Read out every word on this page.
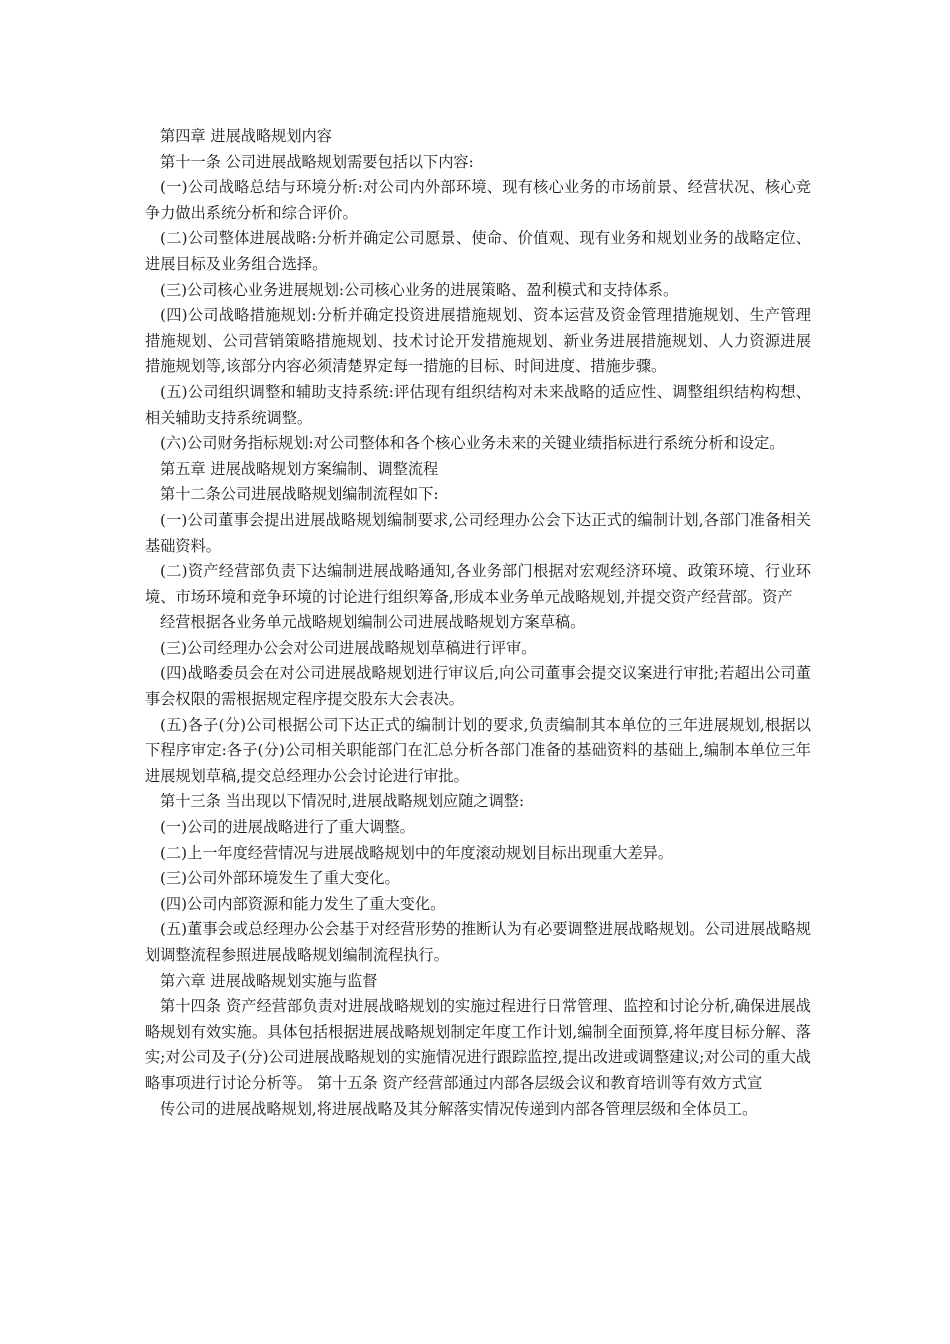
第四章 进展战略规划内容

第十一条 公司进展战略规划需要包括以下内容:

(一)公司战略总结与环境分析:对公司内外部环境、现有核心业务的市场前景、经营状况、核心竞争力做出系统分析和综合评价。

(二)公司整体进展战略:分析并确定公司愿景、使命、价值观、现有业务和规划业务的战略定位、进展目标及业务组合选择。

(三)公司核心业务进展规划:公司核心业务的进展策略、盈利模式和支持体系。

(四)公司战略措施规划:分析并确定投资进展措施规划、资本运营及资金管理措施规划、生产管理措施规划、公司营销策略措施规划、技术讨论开发措施规划、新业务进展措施规划、人力资源进展措施规划等,该部分内容必须清楚界定每一措施的目标、时间进度、措施步骤。

(五)公司组织调整和辅助支持系统:评估现有组织结构对未来战略的适应性、调整组织结构构想、相关辅助支持系统调整。

(六)公司财务指标规划:对公司整体和各个核心业务未来的关键业绩指标进行系统分析和设定。

第五章 进展战略规划方案编制、调整流程

第十二条公司进展战略规划编制流程如下:

(一)公司董事会提出进展战略规划编制要求,公司经理办公会下达正式的编制计划,各部门准备相关基础资料。

(二)资产经营部负责下达编制进展战略通知,各业务部门根据对宏观经济环境、政策环境、行业环境、市场环境和竞争环境的讨论进行组织筹备,形成本业务单元战略规划,并提交资产经营部。资产

经营根据各业务单元战略规划编制公司进展战略规划方案草稿。

(三)公司经理办公会对公司进展战略规划草稿进行评审。

(四)战略委员会在对公司进展战略规划进行审议后,向公司董事会提交议案进行审批;若超出公司董事会权限的需根据规定程序提交股东大会表决。

(五)各子(分)公司根据公司下达正式的编制计划的要求,负责编制其本单位的三年进展规划,根据以下程序审定:各子(分)公司相关职能部门在汇总分析各部门准备的基础资料的基础上,编制本单位三年进展规划草稿,提交总经理办公会讨论进行审批。

第十三条 当出现以下情况时,进展战略规划应随之调整:

(一)公司的进展战略进行了重大调整。

(二)上一年度经营情况与进展战略规划中的年度滚动规划目标出现重大差异。

(三)公司外部环境发生了重大变化。

(四)公司内部资源和能力发生了重大变化。

(五)董事会或总经理办公会基于对经营形势的推断认为有必要调整进展战略规划。公司进展战略规划调整流程参照进展战略规划编制流程执行。

第六章 进展战略规划实施与监督

第十四条 资产经营部负责对进展战略规划的实施过程进行日常管理、监控和讨论分析,确保进展战略规划有效实施。具体包括根据进展战略规划制定年度工作计划,编制全面预算,将年度目标分解、落实;对公司及子(分)公司进展战略规划的实施情况进行跟踪监控,提出改进或调整建议;对公司的重大战略事项进行讨论分析等。 第十五条 资产经营部通过内部各层级会议和教育培训等有效方式宣

传公司的进展战略规划,将进展战略及其分解落实情况传递到内部各管理层级和全体员工。
